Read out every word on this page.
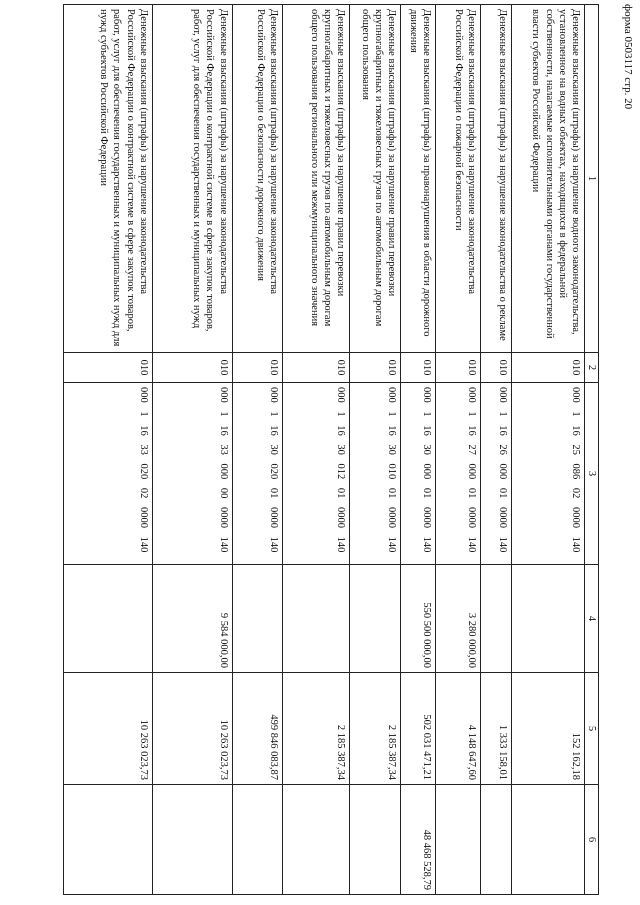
форма 0503117 стр. 20
1	2	3	4	5	6
Денежные взыскания (штрафы) за нарушение водного законодательства, установленное на водных объектах, находящихся в федеральной собственности, налагаемые исполнительными органами государственной власти субъектов Российской Федерации	010	000 1 16 25 086 02 0000 140		152 162,18	
Денежные взыскания (штрафы) за нарушение законодательства о рекламе	010	000 1 16 26 000 01 0000 140		1 333 158,01	
Денежные взыскания (штрафы) за нарушение законодательства Российской Федерации о пожарной безопасности	010	000 1 16 27 000 01 0000 140	3 280 000,00	4 148 647,60	
Денежные взыскания (штрафы) за правонарушения в области дорожного движения	010	000 1 16 30 000 01 0000 140	550 500 000,00	502 031 471,21	48 468 528,79
Денежные взыскания (штрафы) за нарушение правил перевозки крупногабаритных и тяжеловесных грузов по автомобильным дорогам общего пользования	010	000 1 16 30 010 01 0000 140		2 185 387,34	
Денежные взыскания (штрафы) за нарушение правил перевозки крупногабаритных и тяжеловесных грузов по автомобильным дорогам общего пользования регионального или межмуниципального значения	010	000 1 16 30 012 01 0000 140		2 185 387,34	
Денежные взыскания (штрафы) за нарушение законодательства Российской Федерации о безопасности дорожного движения	010	000 1 16 30 020 01 0000 140		499 846 083,87	
Денежные взыскания (штрафы) за нарушение законодательства Российской Федерации о контрактной системе в сфере закупок товаров, работ, услуг для обеспечения государственных и муниципальных нужд	010	000 1 16 33 000 00 0000 140	9 584 000,00	10 263 023,73	
Денежные взыскания (штрафы) за нарушение законодательства Российской Федерации о контрактной системе в сфере закупок товаров, работ, услуг для обеспечения государственных и муниципальных нужд для нужд субъектов Российской Федерации	010	000 1 16 33 020 02 0000 140		10 263 023,73	
